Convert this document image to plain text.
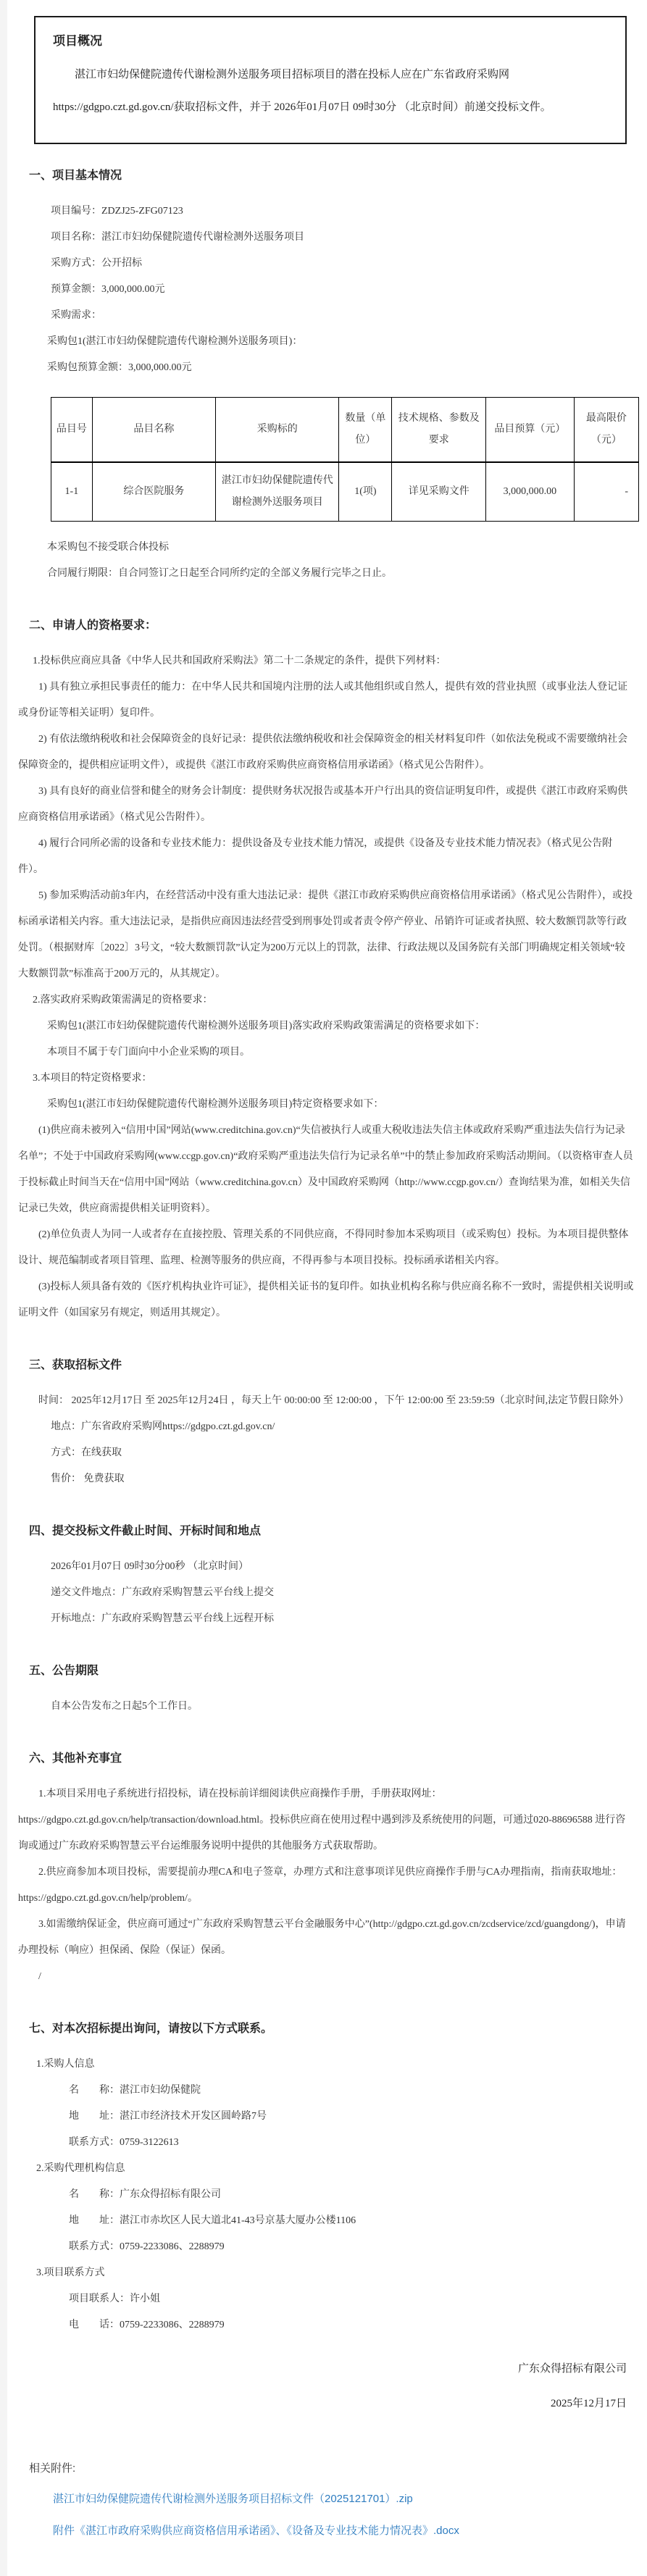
项目概况

湛江市妇幼保健院遗传代谢检测外送服务项目招标项目的潜在投标人应在广东省政府采购网https://gdgpo.czt.gd.gov.cn/获取招标文件，并于 2026年01月07日 09时30分 （北京时间）前递交投标文件。

一、项目基本情况

项目编号：ZDZJ25-ZFG07123

项目名称：湛江市妇幼保健院遗传代谢检测外送服务项目

采购方式：公开招标

预算金额：3,000,000.00元

采购需求：

采购包1(湛江市妇幼保健院遗传代谢检测外送服务项目)：

采购包预算金额：3,000,000.00元

品目号	品目名称	采购标的	数量（单位）	技术规格、参数及要求	品目预算（元）	最高限价（元）
1-1	综合医院服务	湛江市妇幼保健院遗传代谢检测外送服务项目	1(项)	详见采购文件	3,000,000.00	-

本采购包不接受联合体投标

合同履行期限：自合同签订之日起至合同所约定的全部义务履行完毕之日止。

二、申请人的资格要求：

1.投标供应商应具备《中华人民共和国政府采购法》第二十二条规定的条件，提供下列材料：

1) 具有独立承担民事责任的能力：在中华人民共和国境内注册的法人或其他组织或自然人，提供有效的营业执照（或事业法人登记证或身份证等相关证明）复印件。

2) 有依法缴纳税收和社会保障资金的良好记录：提供依法缴纳税收和社会保障资金的相关材料复印件（如依法免税或不需要缴纳社会保障资金的，提供相应证明文件），或提供《湛江市政府采购供应商资格信用承诺函》（格式见公告附件）。

3) 具有良好的商业信誉和健全的财务会计制度：提供财务状况报告或基本开户行出具的资信证明复印件，或提供《湛江市政府采购供应商资格信用承诺函》（格式见公告附件）。

4) 履行合同所必需的设备和专业技术能力：提供设备及专业技术能力情况，或提供《设备及专业技术能力情况表》（格式见公告附件）。

5) 参加采购活动前3年内，在经营活动中没有重大违法记录：提供《湛江市政府采购供应商资格信用承诺函》（格式见公告附件），或投标函承诺相关内容。重大违法记录，是指供应商因违法经营受到刑事处罚或者责令停产停业、吊销许可证或者执照、较大数额罚款等行政处罚。（根据财库〔2022〕3号文，“较大数额罚款”认定为200万元以上的罚款，法律、行政法规以及国务院有关部门明确规定相关领域“较大数额罚款”标准高于200万元的，从其规定）。

2.落实政府采购政策需满足的资格要求：

采购包1(湛江市妇幼保健院遗传代谢检测外送服务项目)落实政府采购政策需满足的资格要求如下：

本项目不属于专门面向中小企业采购的项目。

3.本项目的特定资格要求：

采购包1(湛江市妇幼保健院遗传代谢检测外送服务项目)特定资格要求如下：

(1)供应商未被列入“信用中国”网站(www.creditchina.gov.cn)“失信被执行人或重大税收违法失信主体或政府采购严重违法失信行为记录名单”；不处于中国政府采购网(www.ccgp.gov.cn)“政府采购严重违法失信行为记录名单”中的禁止参加政府采购活动期间。（以资格审查人员于投标截止时间当天在“信用中国”网站（www.creditchina.gov.cn）及中国政府采购网（http://www.ccgp.gov.cn/）查询结果为准，如相关失信记录已失效，供应商需提供相关证明资料）。

(2)单位负责人为同一人或者存在直接控股、管理关系的不同供应商，不得同时参加本采购项目（或采购包）投标。为本项目提供整体设计、规范编制或者项目管理、监理、检测等服务的供应商，不得再参与本项目投标。投标函承诺相关内容。

(3)投标人须具备有效的《医疗机构执业许可证》，提供相关证书的复印件。如执业机构名称与供应商名称不一致时，需提供相关说明或证明文件（如国家另有规定，则适用其规定）。

三、获取招标文件

时间： 2025年12月17日 至 2025年12月24日 ，每天上午 00:00:00 至 12:00:00 ，下午 12:00:00 至 23:59:59（北京时间,法定节假日除外）

地点：广东省政府采购网https://gdgpo.czt.gd.gov.cn/

方式：在线获取

售价： 免费获取

四、提交投标文件截止时间、开标时间和地点

2026年01月07日 09时30分00秒 （北京时间）

递交文件地点：广东政府采购智慧云平台线上提交

开标地点：广东政府采购智慧云平台线上远程开标

五、公告期限

自本公告发布之日起5个工作日。

六、其他补充事宜

1.本项目采用电子系统进行招投标，请在投标前详细阅读供应商操作手册，手册获取网址：https://gdgpo.czt.gd.gov.cn/help/transaction/download.html。投标供应商在使用过程中遇到涉及系统使用的问题，可通过020-88696588 进行咨询或通过广东政府采购智慧云平台运维服务说明中提供的其他服务方式获取帮助。

2.供应商参加本项目投标，需要提前办理CA和电子签章，办理方式和注意事项详见供应商操作手册与CA办理指南，指南获取地址：https://gdgpo.czt.gd.gov.cn/help/problem/。

3.如需缴纳保证金，供应商可通过“广东政府采购智慧云平台金融服务中心”(http://gdgpo.czt.gd.gov.cn/zcdservice/zcd/guangdong/)，申请办理投标（响应）担保函、保险（保证）保函。

/

七、对本次招标提出询问，请按以下方式联系。

1.采购人信息

名　　称：湛江市妇幼保健院

地　　址：湛江市经济技术开发区圆岭路7号

联系方式：0759-3122613

2.采购代理机构信息

名　　称：广东众得招标有限公司

地　　址：湛江市赤坎区人民大道北41-43号京基大厦办公楼1106

联系方式：0759-2233086、2288979

3.项目联系方式

项目联系人：许小姐

电　　话：0759-2233086、2288979

广东众得招标有限公司

2025年12月17日

相关附件:
湛江市妇幼保健院遗传代谢检测外送服务项目招标文件（2025121701）.zip
附件《湛江市政府采购供应商资格信用承诺函》、《设备及专业技术能力情况表》.docx
